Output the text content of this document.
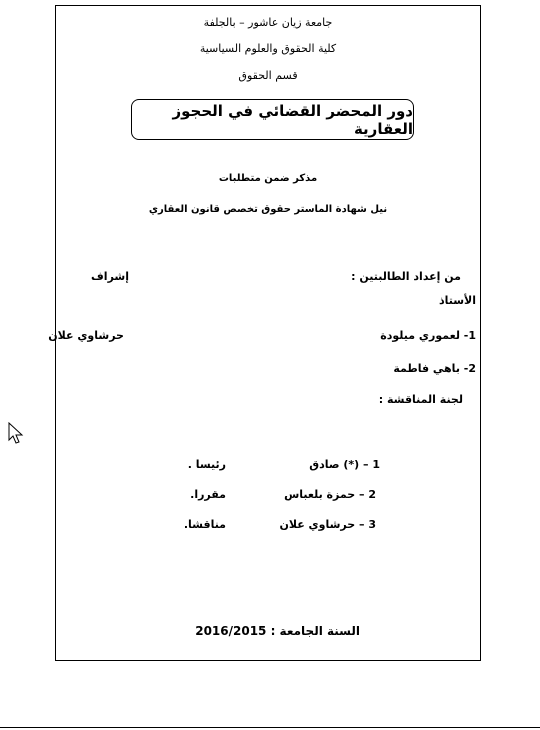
جامعة زيان عاشور – بالجلفة
كلية الحقوق والعلوم السياسية
قسم الحقوق
دور المحضر القضائي في الحجوز العقارية
مذكر ضمن متطلبات
نيل شهادة الماستر حقوق تخصص قانون العقاري
من إعداد الطالبتين :
إشراف
الأستاذ
1- لعموري ميلودة
حرشاوي علان
2- باهي فاطمة
لجنة المناقشة :
1 – (*) صادق
رئيسا .
2 – حمزة بلعباس
مقررا.
3 – حرشاوي علان
مناقشا.
السنة الجامعة : 2016/2015
